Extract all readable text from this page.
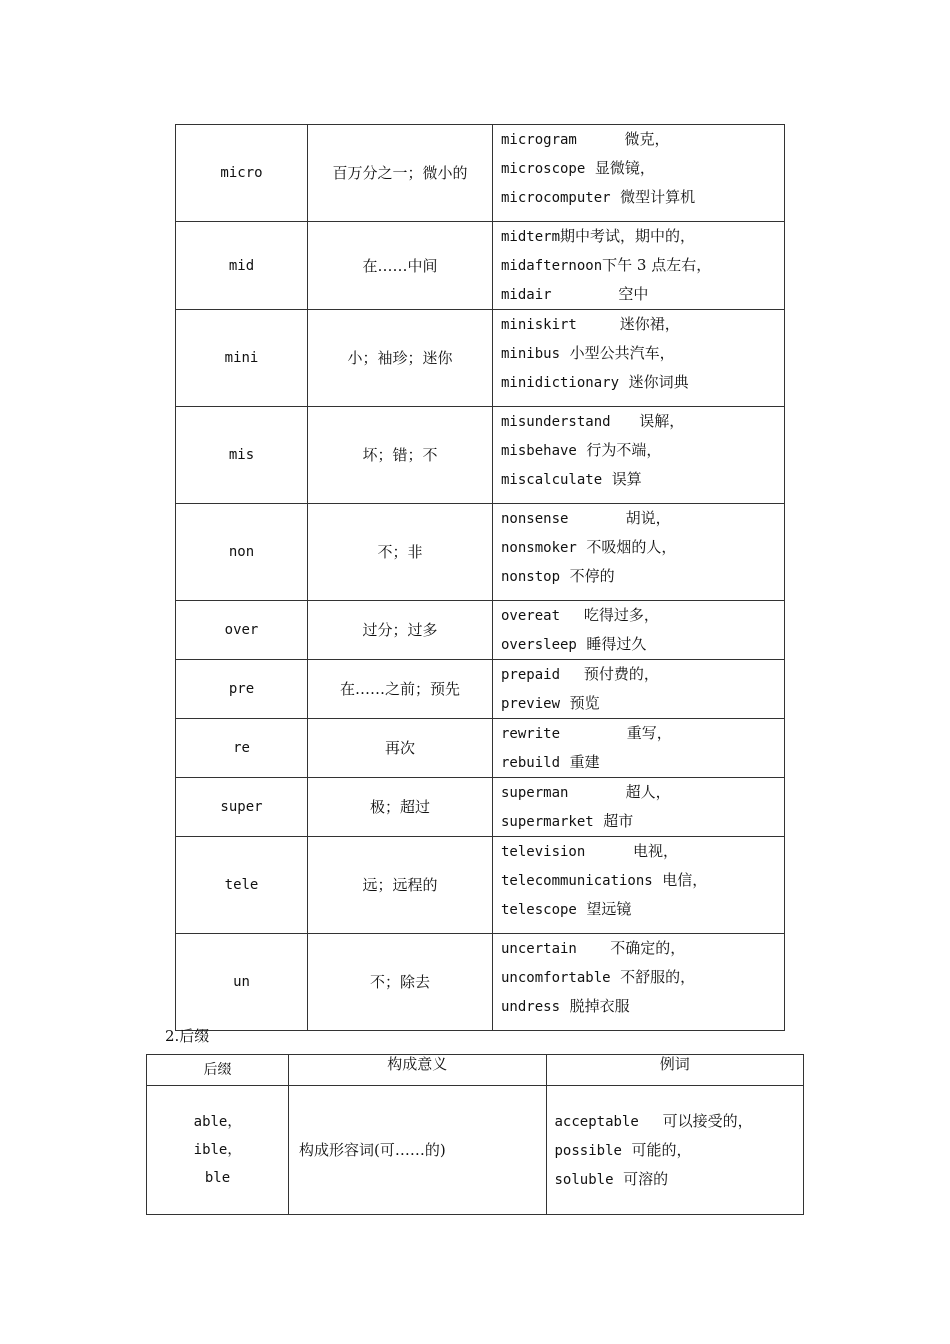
micro	百万分之一；微小的	microgram 微克，
microscope 显微镜，
microcomputer 微型计算机

mid	在……中间	midterm期中考试，期中的，
midafternoon下午 3 点左右，
midair 空中

mini	小；袖珍；迷你	miniskirt 迷你裙，
minibus 小型公共汽车，
minidictionary 迷你词典

mis	坏；错；不	misunderstand 误解，
misbehave 行为不端，
miscalculate 误算

non	不；非	nonsense 胡说，
nonsmoker 不吸烟的人，
nonstop 不停的

over	过分；过多	overeat 吃得过多，
oversleep 睡得过久

pre	在……之前；预先	prepaid 预付费的，
preview 预览

re	再次	rewrite 重写，
rebuild 重建

super	极；超过	superman 超人，
supermarket 超市

tele	远；远程的	television 电视，
telecommunications 电信，
telescope 望远镜

un	不；除去	uncertain 不确定的，
uncomfortable 不舒服的，
undress 脱掉衣服
2.后缀
后缀	构成意义	例词

able，
ible，
ble	构成形容词(可……的)	acceptable 可以接受的，
possible 可能的，
soluble 可溶的
